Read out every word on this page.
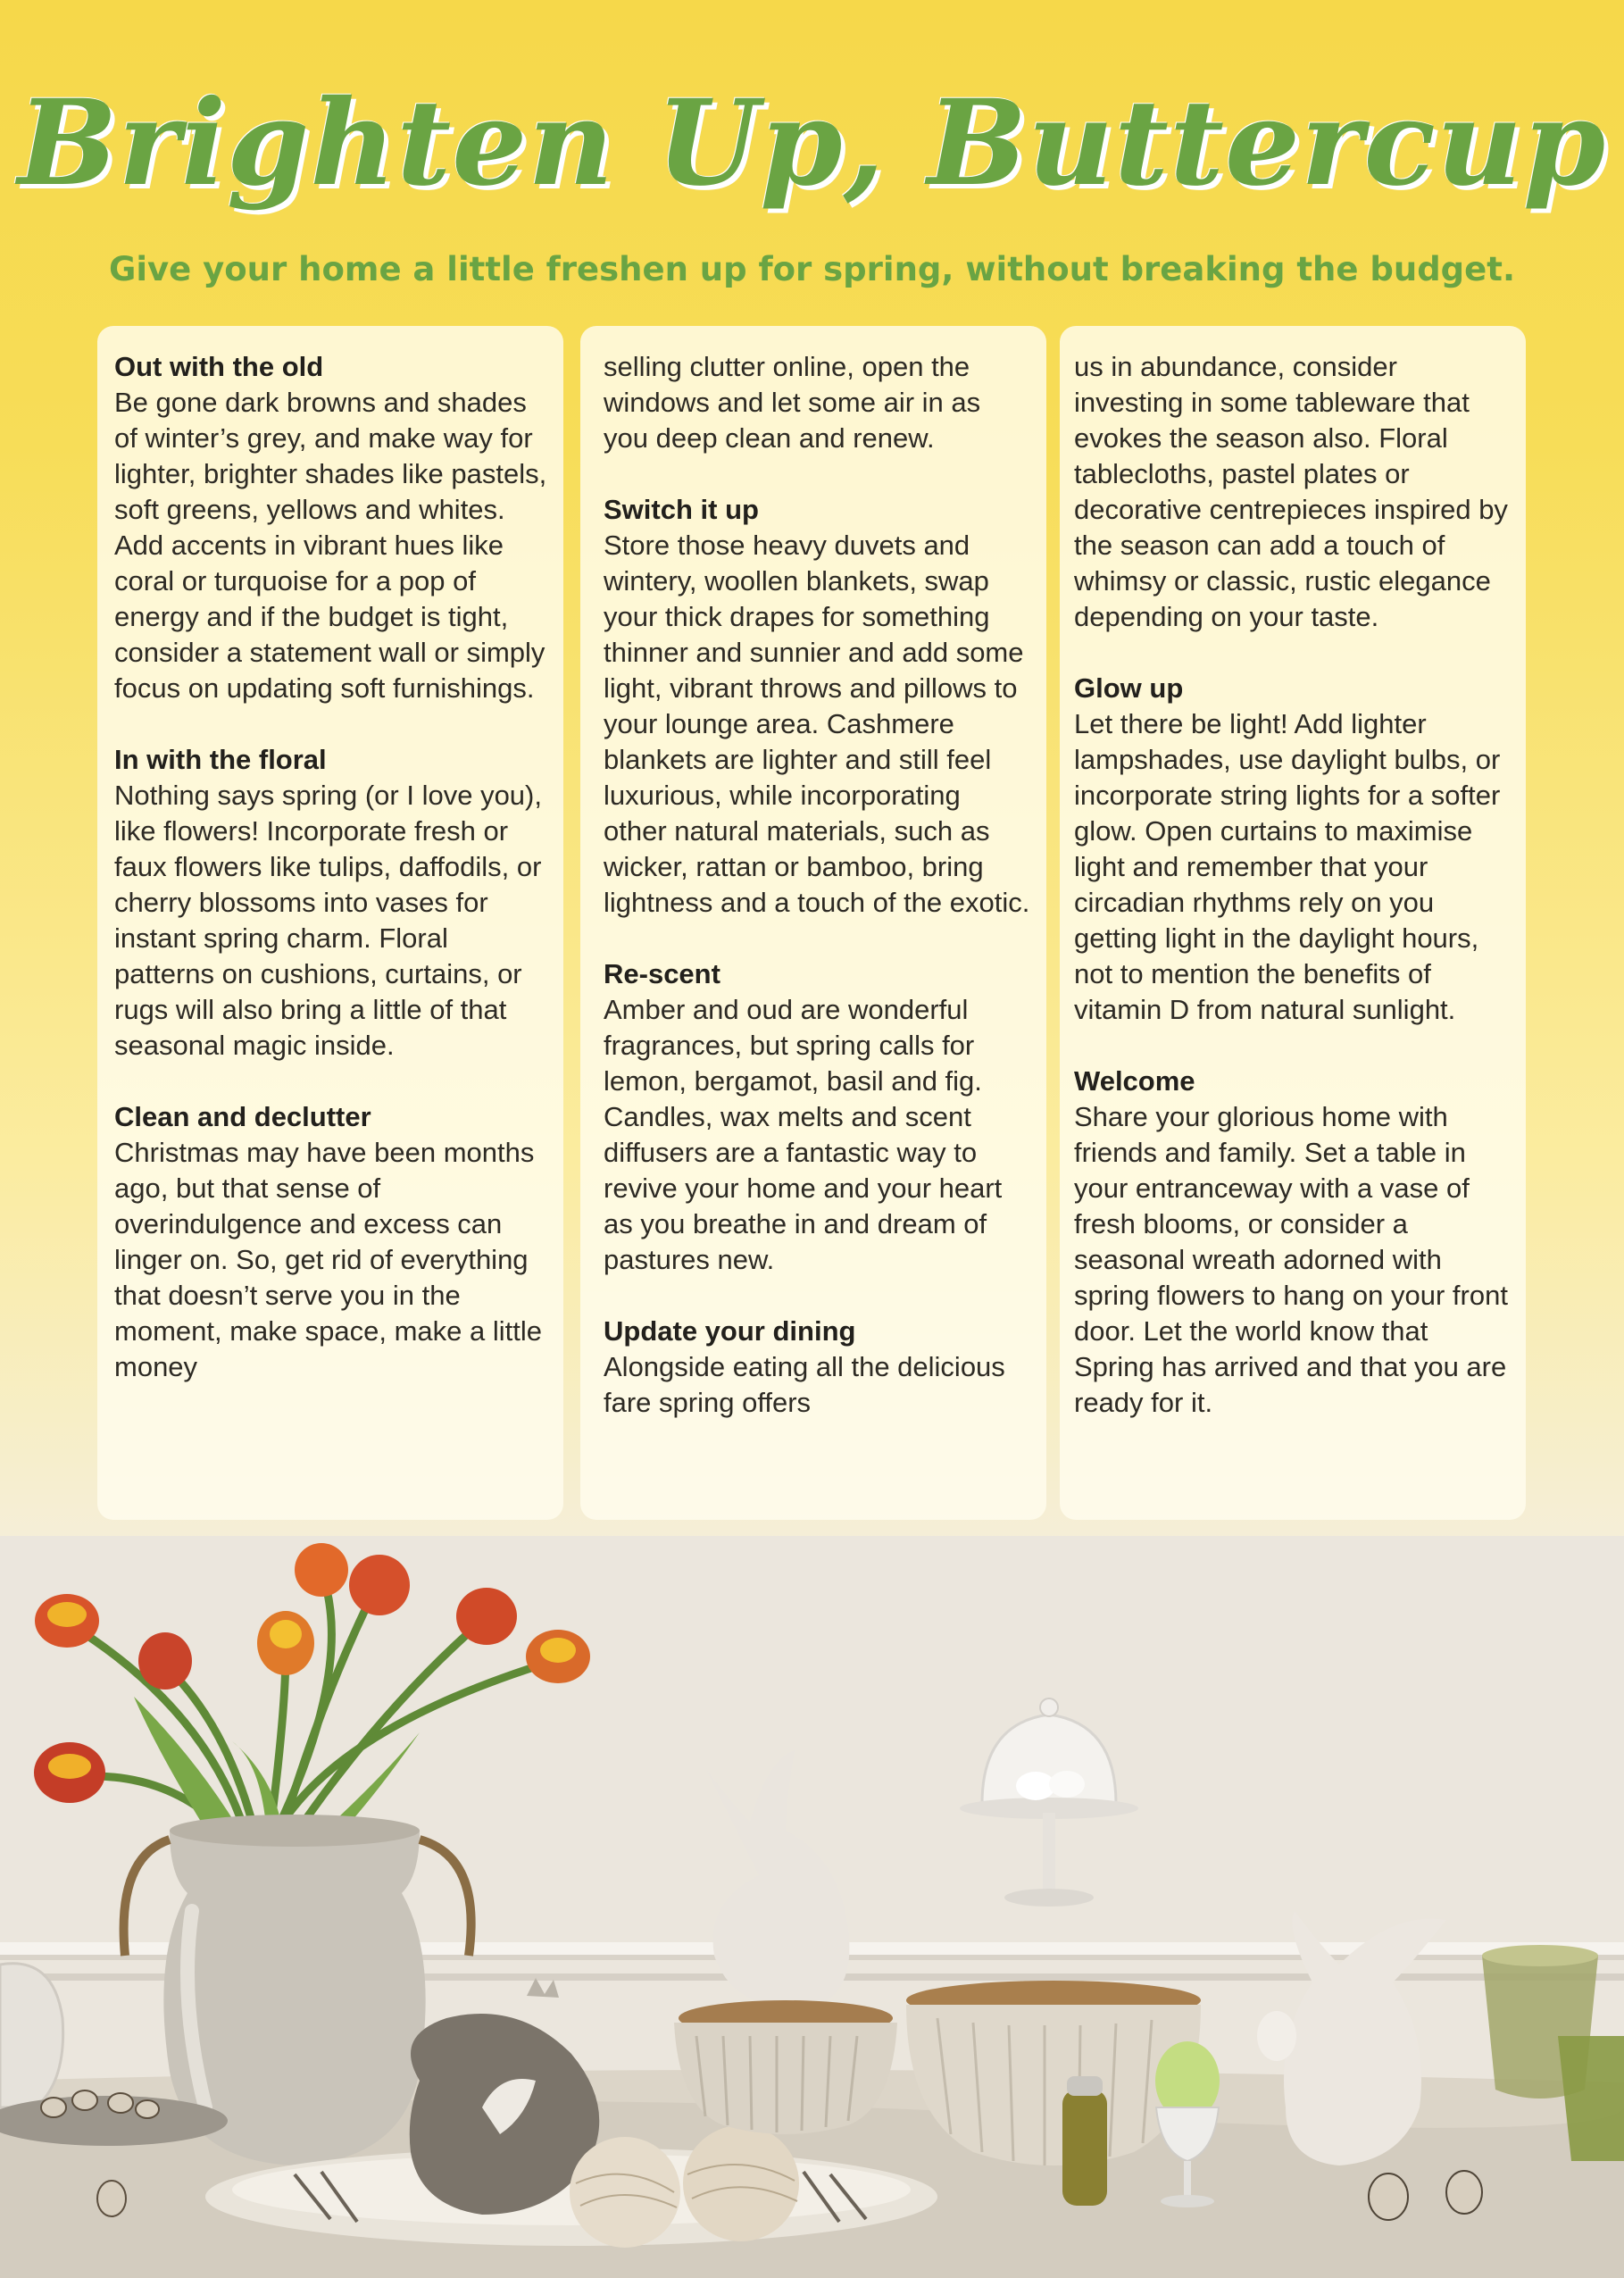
Brighten Up, Buttercup
Give your home a little freshen up for spring, without breaking the budget.

Out with the old
Be gone dark browns and shades of winter’s grey, and make way for lighter, brighter shades like pastels, soft greens, yellows and whites. Add accents in vibrant hues like coral or turquoise for a pop of energy and if the budget is tight, consider a statement wall or simply focus on updating soft furnishings.

In with the floral
Nothing says spring (or I love you), like flowers! Incorporate fresh or faux flowers like tulips, daffodils, or cherry blossoms into vases for instant spring charm. Floral patterns on cushions, curtains, or rugs will also bring a little of that seasonal magic inside.

Clean and declutter
Christmas may have been months ago, but that sense of overindulgence and excess can linger on. So, get rid of everything that doesn’t serve you in the moment, make space, make a little money

selling clutter online, open the windows and let some air in as you deep clean and renew.

Switch it up
Store those heavy duvets and wintery, woollen blankets, swap your thick drapes for something thinner and sunnier and add some light, vibrant throws and pillows to your lounge area. Cashmere blankets are lighter and still feel luxurious, while incorporating other natural materials, such as wicker, rattan or bamboo, bring lightness and a touch of the exotic.

Re-scent
Amber and oud are wonderful fragrances, but spring calls for lemon, bergamot, basil and fig. Candles, wax melts and scent diffusers are a fantastic way to revive your home and your heart as you breathe in and dream of pastures new.

Update your dining
Alongside eating all the delicious fare spring offers

us in abundance, consider investing in some tableware that evokes the season also. Floral tablecloths, pastel plates or decorative centrepieces inspired by the season can add a touch of whimsy or classic, rustic elegance depending on your taste.

Glow up
Let there be light! Add lighter lampshades, use daylight bulbs, or incorporate string lights for a softer glow. Open curtains to maximise light and remember that your circadian rhythms rely on you getting light in the daylight hours, not to mention the benefits of vitamin D from natural sunlight.

Welcome
Share your glorious home with friends and family. Set a table in your entranceway with a vase of fresh blooms, or consider a seasonal wreath adorned with spring flowers to hang on your front door. Let the world know that Spring has arrived and that you are ready for it.
